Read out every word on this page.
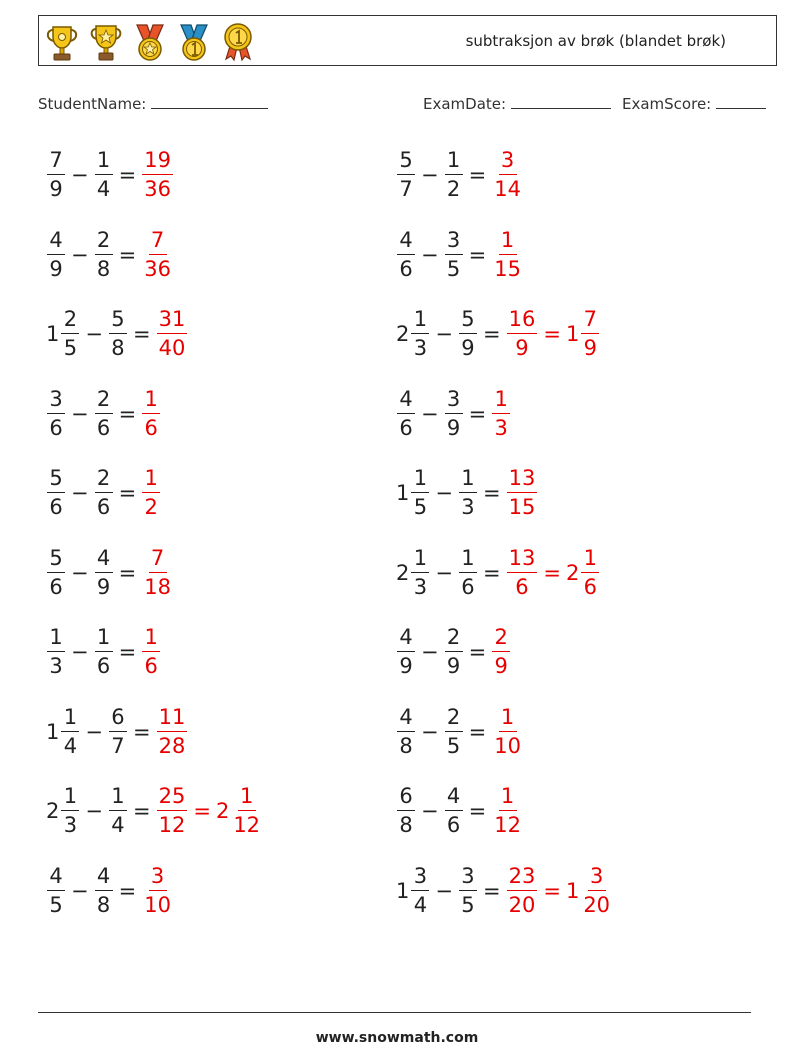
subtraksjon av brøk (blandet brøk)
StudentName:	ExamDate:	ExamScore:
$\frac{7}{9} - \frac{1}{4} = \frac{19}{36}$
$\frac{4}{9} - \frac{2}{8} = \frac{7}{36}$
$1 \frac{2}{5} - \frac{5}{8} = \frac{31}{40}$
$\frac{3}{6} - \frac{2}{6} = \frac{1}{6}$
$\frac{5}{6} - \frac{2}{6} = \frac{1}{2}$
$\frac{5}{6} - \frac{4}{9} = \frac{7}{18}$
$\frac{1}{3} - \frac{1}{6} = \frac{1}{6}$
$1 \frac{1}{4} - \frac{6}{7} = \frac{11}{28}$
$2 \frac{1}{3} - \frac{1}{4} = \frac{25}{12} = 2 \frac{1}{12}$
$\frac{4}{5} - \frac{4}{8} = \frac{3}{10}$
$\frac{5}{7} - \frac{1}{2} = \frac{3}{14}$
$\frac{4}{6} - \frac{3}{5} = \frac{1}{15}$
$2 \frac{1}{3} - \frac{5}{9} = \frac{16}{9} = 1 \frac{7}{9}$
$\frac{4}{6} - \frac{3}{9} = \frac{1}{3}$
$1 \frac{1}{5} - \frac{1}{3} = \frac{13}{15}$
$2 \frac{1}{3} - \frac{1}{6} = \frac{13}{6} = 2 \frac{1}{6}$
$\frac{4}{9} - \frac{2}{9} = \frac{2}{9}$
$\frac{4}{8} - \frac{2}{5} = \frac{1}{10}$
$\frac{6}{8} - \frac{4}{6} = \frac{1}{12}$
$1 \frac{3}{4} - \frac{3}{5} = \frac{23}{20} = 1 \frac{3}{20}$
www.snowmath.com
